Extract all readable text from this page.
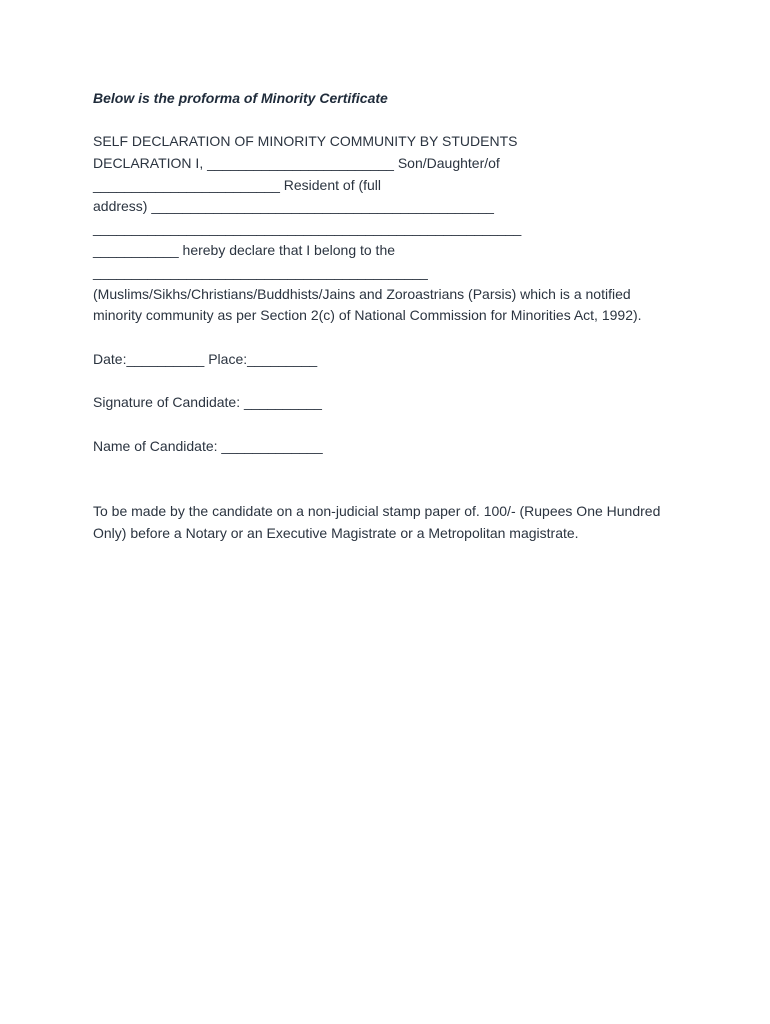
Below is the proforma of Minority Certificate
SELF DECLARATION OF MINORITY COMMUNITY BY STUDENTS
DECLARATION I, ________________________ Son/Daughter/of
________________________ Resident of (full
address) ____________________________________________
_______________________________________________________
___________ hereby declare that I belong to the
___________________________________________

(Muslims/Sikhs/Christians/Buddhists/Jains and Zoroastrians (Parsis) which is a notified minority community as per Section 2(c) of National Commission for Minorities Act, 1992).

Date:__________ Place:_________
Signature of Candidate: __________
Name of Candidate: _____________

To be made by the candidate on a non-judicial stamp paper of. 100/- (Rupees One Hundred Only) before a Notary or an Executive Magistrate or a Metropolitan magistrate.
